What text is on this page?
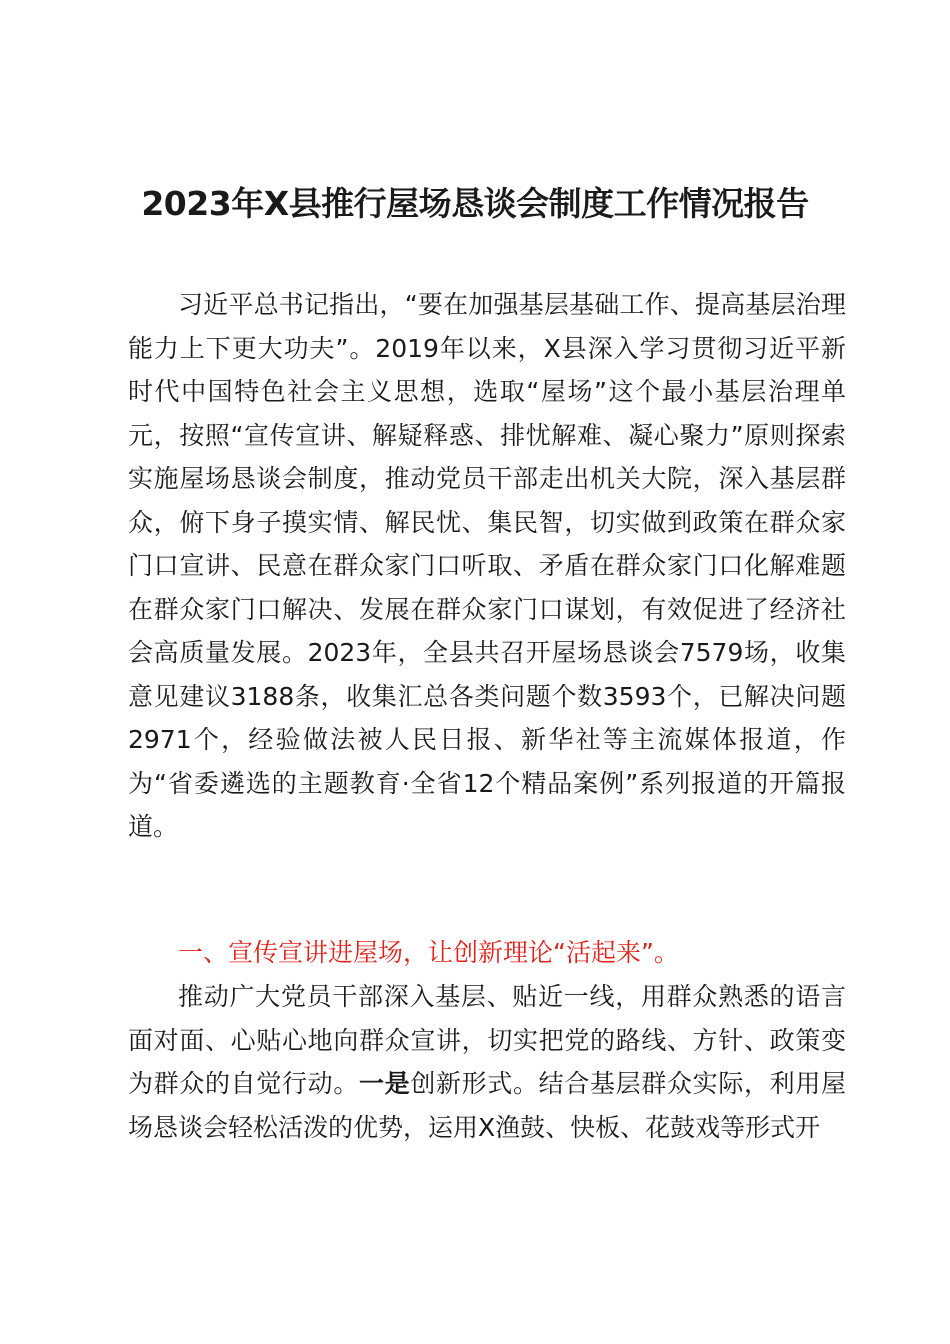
2023年X县推行屋场恳谈会制度工作情况报告

习近平总书记指出，“要在加强基层基础工作、提高基层治理能力上下更大功夫”。2019年以来，X县深入学习贯彻习近平新时代中国特色社会主义思想，选取“屋场”这个最小基层治理单元，按照“宣传宣讲、解疑释惑、排忧解难、凝心聚力”原则探索实施屋场恳谈会制度，推动党员干部走出机关大院，深入基层群众，俯下身子摸实情、解民忧、集民智，切实做到政策在群众家门口宣讲、民意在群众家门口听取、矛盾在群众家门口化解难题在群众家门口解决、发展在群众家门口谋划，有效促进了经济社会高质量发展。2023年，全县共召开屋场恳谈会7579场，收集意见建议3188条，收集汇总各类问题个数3593个，已解决问题2971个，经验做法被人民日报、新华社等主流媒体报道，作为“省委遴选的主题教育·全省12个精品案例”系列报道的开篇报道。

一、宣传宣讲进屋场，让创新理论“活起来”。

推动广大党员干部深入基层、贴近一线，用群众熟悉的语言面对面、心贴心地向群众宣讲，切实把党的路线、方针、政策变为群众的自觉行动。一是创新形式。结合基层群众实际，利用屋场恳谈会轻松活泼的优势，运用X渔鼓、快板、花鼓戏等形式开
